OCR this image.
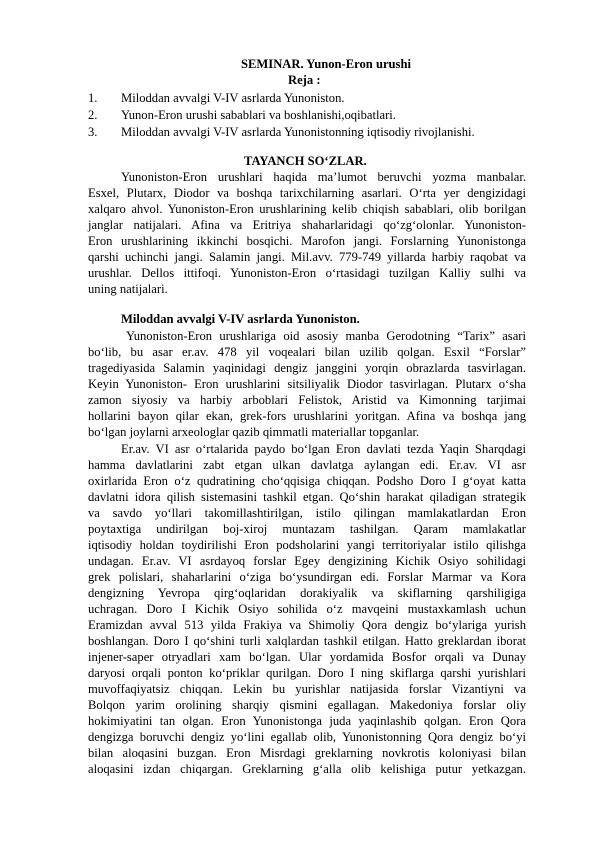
SEMINAR. Yunon-Eron urushi
Reja :
1. Miloddan avvalgi V-IV asrlarda Yunoniston.
2. Yunon-Eron urushi sabablari va boshlanishi,oqibatlari.
3. Miloddan avvalgi V-IV asrlarda Yunonistonning iqtisodiy rivojlanishi.
TAYANCH SO‘ZLAR.
Yunoniston-Eron urushlari haqida ma’lumot beruvchi yozma manbalar.
Esxel, Plutarx, Diodor va boshqa tarixchilarning asarlari. O‘rta yer dengizidagi
xalqaro ahvol. Yunoniston-Eron urushlarining kelib chiqish sabablari, olib borilgan
janglar natijalari. Afina va Eritriya shaharlaridagi qo‘zg‘olonlar. Yunoniston-
Eron urushlarining ikkinchi bosqichi. Marofon jangi. Forslarning Yunonistonga
qarshi uchinchi jangi. Salamin jangi. Mil.avv. 779-749 yillarda harbiy raqobat va
urushlar. Dellos ittifoqi. Yunoniston-Eron o‘rtasidagi tuzilgan Kalliy sulhi va
uning natijalari.
Miloddan avvalgi V-IV asrlarda Yunoniston.
Yunoniston-Eron urushlariga oid asosiy manba Gerodotning “Tarix” asari
bo‘lib, bu asar er.av. 478 yil voqealari bilan uzilib qolgan. Esxil “Forslar”
tragediyasida Salamin yaqinidagi dengiz janggini yorqin obrazlarda tasvirlagan.
Keyin Yunoniston- Eron urushlarini sitsiliyalik Diodor tasvirlagan. Plutarx o‘sha
zamon siyosiy va harbiy arboblari Felistok, Aristid va Kimonning tarjimai
hollarini bayon qilar ekan, grek-fors urushlarini yoritgan. Afina va boshqa jang
bo‘lgan joylarni arxeologlar qazib qimmatli materiallar topganlar.
Er.av. VI asr o‘rtalarida paydo bo‘lgan Eron davlati tezda Yaqin Sharqdagi
hamma davlatlarini zabt etgan ulkan davlatga aylangan edi. Er.av. VI asr
oxirlarida Eron o‘z qudratining cho‘qqisiga chiqqan. Podsho Doro I g‘oyat katta
davlatni idora qilish sistemasini tashkil etgan. Qo‘shin harakat qiladigan strategik
va savdo yo‘llari takomillashtirilgan, istilo qilingan mamlakatlardan Eron
poytaxtiga undirilgan boj-xiroj muntazam tashilgan. Qaram mamlakatlar
iqtisodiy holdan toydirilishi Eron podsholarini yangi territoriyalar istilo qilishga
undagan. Er.av. VI asrdayoq forslar Egey dengizining Kichik Osiyo sohilidagi
grek polislari, shaharlarini o‘ziga bo‘ysundirgan edi. Forslar Marmar va Kora
dengizning Yevropa qirg‘oqlaridan dorakiyalik va skiflarning qarshiligiga
uchragan. Doro I Kichik Osiyo sohilida o‘z mavqeini mustaxkamlash uchun
Eramizdan avval 513 yilda Frakiya va Shimoliy Qora dengiz bo‘ylariga yurish
boshlangan. Doro I qo‘shini turli xalqlardan tashkil etilgan. Hatto greklardan iborat
injener-saper otryadlari xam bo‘lgan. Ular yordamida Bosfor orqali va Dunay
daryosi orqali ponton ko‘priklar qurilgan. Doro I ning skiflarga qarshi yurishlari
muvoffaqiyatsiz chiqqan. Lekin bu yurishlar natijasida forslar Vizantiyni va
Bolqon yarim orolining sharqiy qismini egallagan. Makedoniya forslar oliy
hokimiyatini tan olgan. Eron Yunonistonga juda yaqinlashib qolgan. Eron Qora
dengizga boruvchi dengiz yo‘lini egallab olib, Yunonistonning Qora dengiz bo‘yi
bilan aloqasini buzgan. Eron Misrdagi greklarning novkrotis koloniyasi bilan
aloqasini izdan chiqargan. Greklarning g‘alla olib kelishiga putur yetkazgan.
